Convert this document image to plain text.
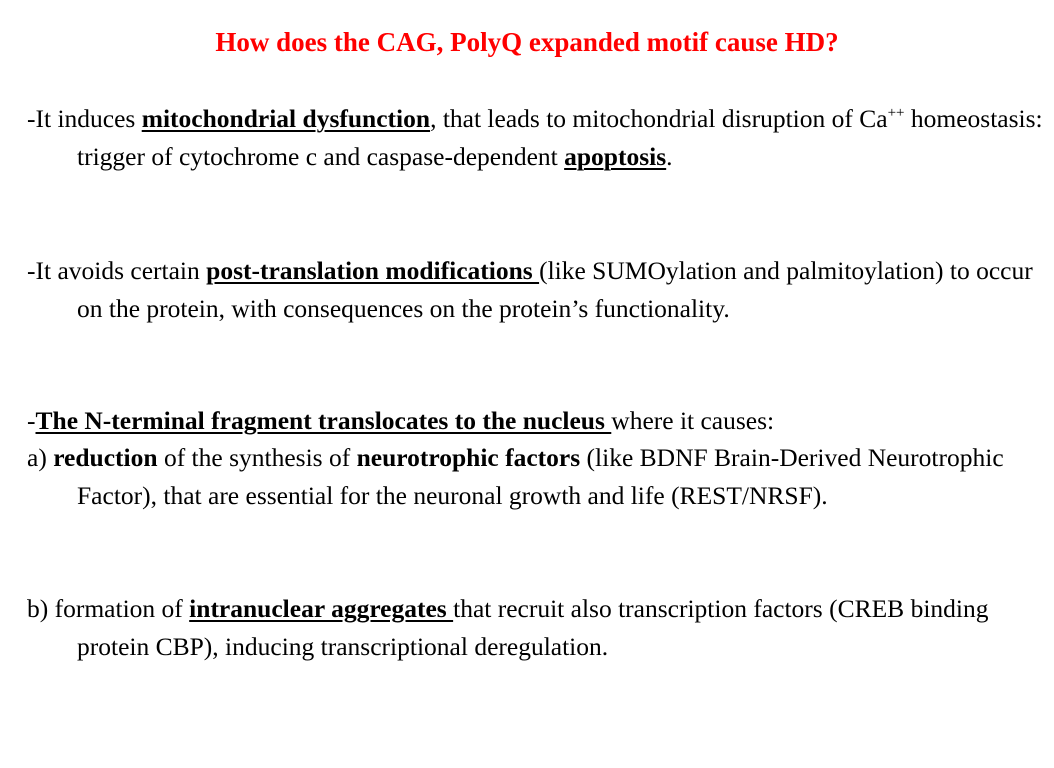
How does the CAG, PolyQ expanded motif cause HD?

-It induces mitochondrial dysfunction, that leads to mitochondrial disruption of Ca++ homeostasis: trigger of cytochrome c and caspase-dependent apoptosis.

-It avoids certain post-translation modifications (like SUMOylation and palmitoylation) to occur on the protein, with consequences on the protein’s functionality.

-The N-terminal fragment translocates to the nucleus where it causes:

a) reduction of the synthesis of neurotrophic factors (like BDNF Brain-Derived Neurotrophic Factor), that are essential for the neuronal growth and life (REST/NRSF).

b) formation of intranuclear aggregates that recruit also transcription factors (CREB binding protein CBP), inducing transcriptional deregulation.
